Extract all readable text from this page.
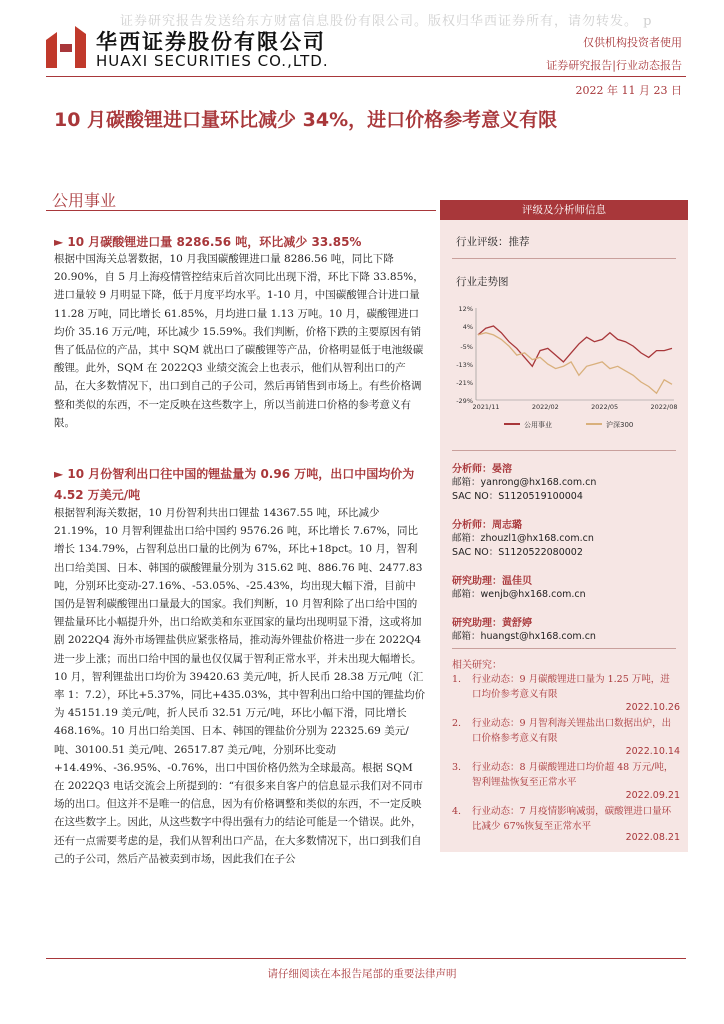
证券研究报告发送给东方财富信息股份有限公司。版权归华西证券所有，请勿转发。 p
华西证券股份有限公司
HUAXI SECURITIES CO.,LTD.
仅供机构投资者使用
证券研究报告|行业动态报告
2022 年 11 月 23 日
10 月碳酸锂进口量环比减少 34%，进口价格参考意义有限
公用事业
► 10 月碳酸锂进口量 8286.56 吨，环比减少 33.85%
根据中国海关总署数据，10 月我国碳酸锂进口量 8286.56 吨，同比下降 20.90%，自 5 月上海疫情管控结束后首次同比出现下滑，环比下降 33.85%，进口量较 9 月明显下降，低于月度平均水平。1-10 月，中国碳酸锂合计进口量 11.28 万吨，同比增长 61.85%，月均进口量 1.13 万吨。10 月，碳酸锂进口均价 35.16 万元/吨，环比减少 15.59%。我们判断，价格下跌的主要原因有销售了低品位的产品，其中 SQM 就出口了碳酸锂等产品，价格明显低于电池级碳酸锂。此外，SQM 在 2022Q3 业绩交流会上也表示，他们从智利出口的产品，在大多数情况下，出口到自己的子公司，然后再销售到市场上。有些价格调整和类似的东西，不一定反映在这些数字上，所以当前进口价格的参考意义有限。
► 10 月份智利出口往中国的锂盐量为 0.96 万吨，出口中国均价为 4.52 万美元/吨
根据智利海关数据，10 月份智利共出口锂盐 14367.55 吨，环比减少 21.19%，10 月智利锂盐出口给中国约 9576.26 吨，环比增长 7.67%，同比增长 134.79%，占智利总出口量的比例为 67%，环比+18pct。10 月，智利出口给美国、日本、韩国的碳酸锂量分别为 315.62 吨、886.76 吨、2477.83 吨，分别环比变动-27.16%、-53.05%、-25.43%，均出现大幅下滑，目前中国仍是智利碳酸锂出口量最大的国家。我们判断，10 月智利除了出口给中国的锂盐量环比小幅提升外，出口给欧美和东亚国家的量均出现明显下滑，这或将加剧 2022Q4 海外市场锂盐供应紧张格局，推动海外锂盐价格进一步在 2022Q4 进一步上涨；而出口给中国的量也仅仅属于智利正常水平，并未出现大幅增长。10 月，智利锂盐出口均价为 39420.63 美元/吨，折人民币 28.38 万元/吨（汇率 1：7.2），环比+5.37%，同比+435.03%，其中智利出口给中国的锂盐均价为 45151.19 美元/吨，折人民币 32.51 万元/吨，环比小幅下滑，同比增长 468.16%。10 月出口给美国、日本、韩国的锂盐价分别为 22325.69 美元/吨、30100.51 美元/吨、26517.87 美元/吨，分别环比变动+14.49%、-36.95%、-0.76%，出口中国价格仍然为全球最高。根据 SQM 在 2022Q3 电话交流会上所提到的：“有很多来自客户的信息显示我们对不同市场的出口。但这并不是唯一的信息，因为有价格调整和类似的东西，不一定反映在这些数字上。因此，从这些数字中得出强有力的结论可能是一个错误。此外，还有一点需要考虑的是，我们从智利出口产品，在大多数情况下，出口到我们自己的子公司，然后产品被卖到市场，因此我们在子公
评级及分析师信息
行业评级：推荐
行业走势图
12%
4%
-5%
-13%
-21%
-29%
2021/11	2022/02	2022/05	2022/08
公用事业	沪深300
分析师：晏溶
邮箱：yanrong@hx168.com.cn
SAC NO：S1120519100004
分析师：周志璐
邮箱：zhouzl1@hx168.com.cn
SAC NO：S1120522080002
研究助理：温佳贝
邮箱：wenjb@hx168.com.cn
研究助理：黄舒婷
邮箱：huangst@hx168.com.cn
相关研究：
1. 行业动态：9 月碳酸锂进口量为 1.25 万吨，进口均价参考意义有限
2022.10.26
2. 行业动态：9 月智利海关锂盐出口数据出炉，出口价格参考意义有限
2022.10.14
3. 行业动态：8 月碳酸锂进口均价超 48 万元/吨，智利锂盐恢复至正常水平
2022.09.21
4. 行业动态：7 月疫情影响减弱，碳酸锂进口量环比减少 67%恢复至正常水平
2022.08.21
请仔细阅读在本报告尾部的重要法律声明
